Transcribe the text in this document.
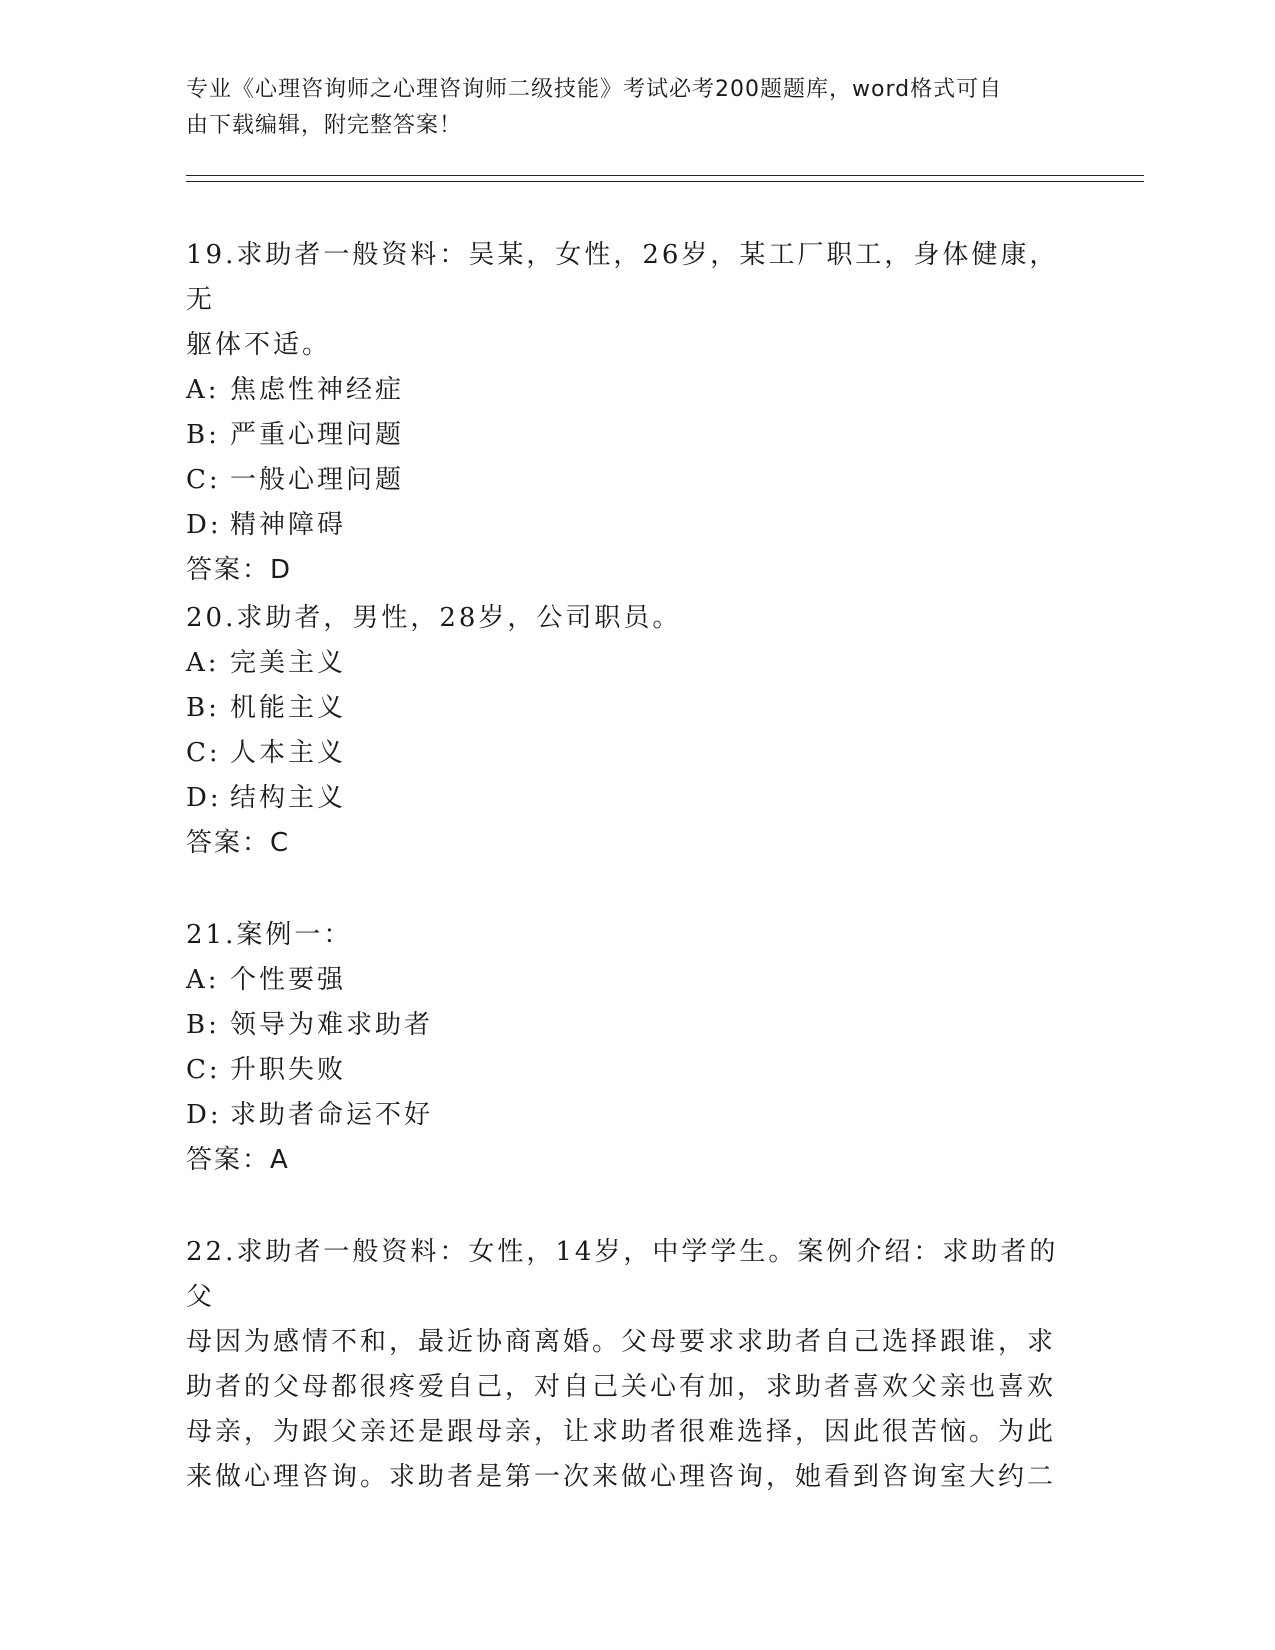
专业《心理咨询师之心理咨询师二级技能》考试必考200题题库，word格式可自
由下载编辑，附完整答案！
19.求助者一般资料：吴某，女性，26岁，某工厂职工，身体健康，无
躯体不适。
A: 焦虑性神经症
B: 严重心理问题
C: 一般心理问题
D: 精神障碍
答案：D
20.求助者，男性，28岁，公司职员。
A: 完美主义
B: 机能主义
C: 人本主义
D: 结构主义
答案：C
21.案例一：
A: 个性要强
B: 领导为难求助者
C: 升职失败
D: 求助者命运不好
答案：A
22.求助者一般资料：女性，14岁，中学学生。案例介绍：求助者的父
母因为感情不和，最近协商离婚。父母要求求助者自己选择跟谁，求
助者的父母都很疼爱自己，对自己关心有加，求助者喜欢父亲也喜欢
母亲，为跟父亲还是跟母亲，让求助者很难选择，因此很苦恼。为此
来做心理咨询。求助者是第一次来做心理咨询，她看到咨询室大约二
